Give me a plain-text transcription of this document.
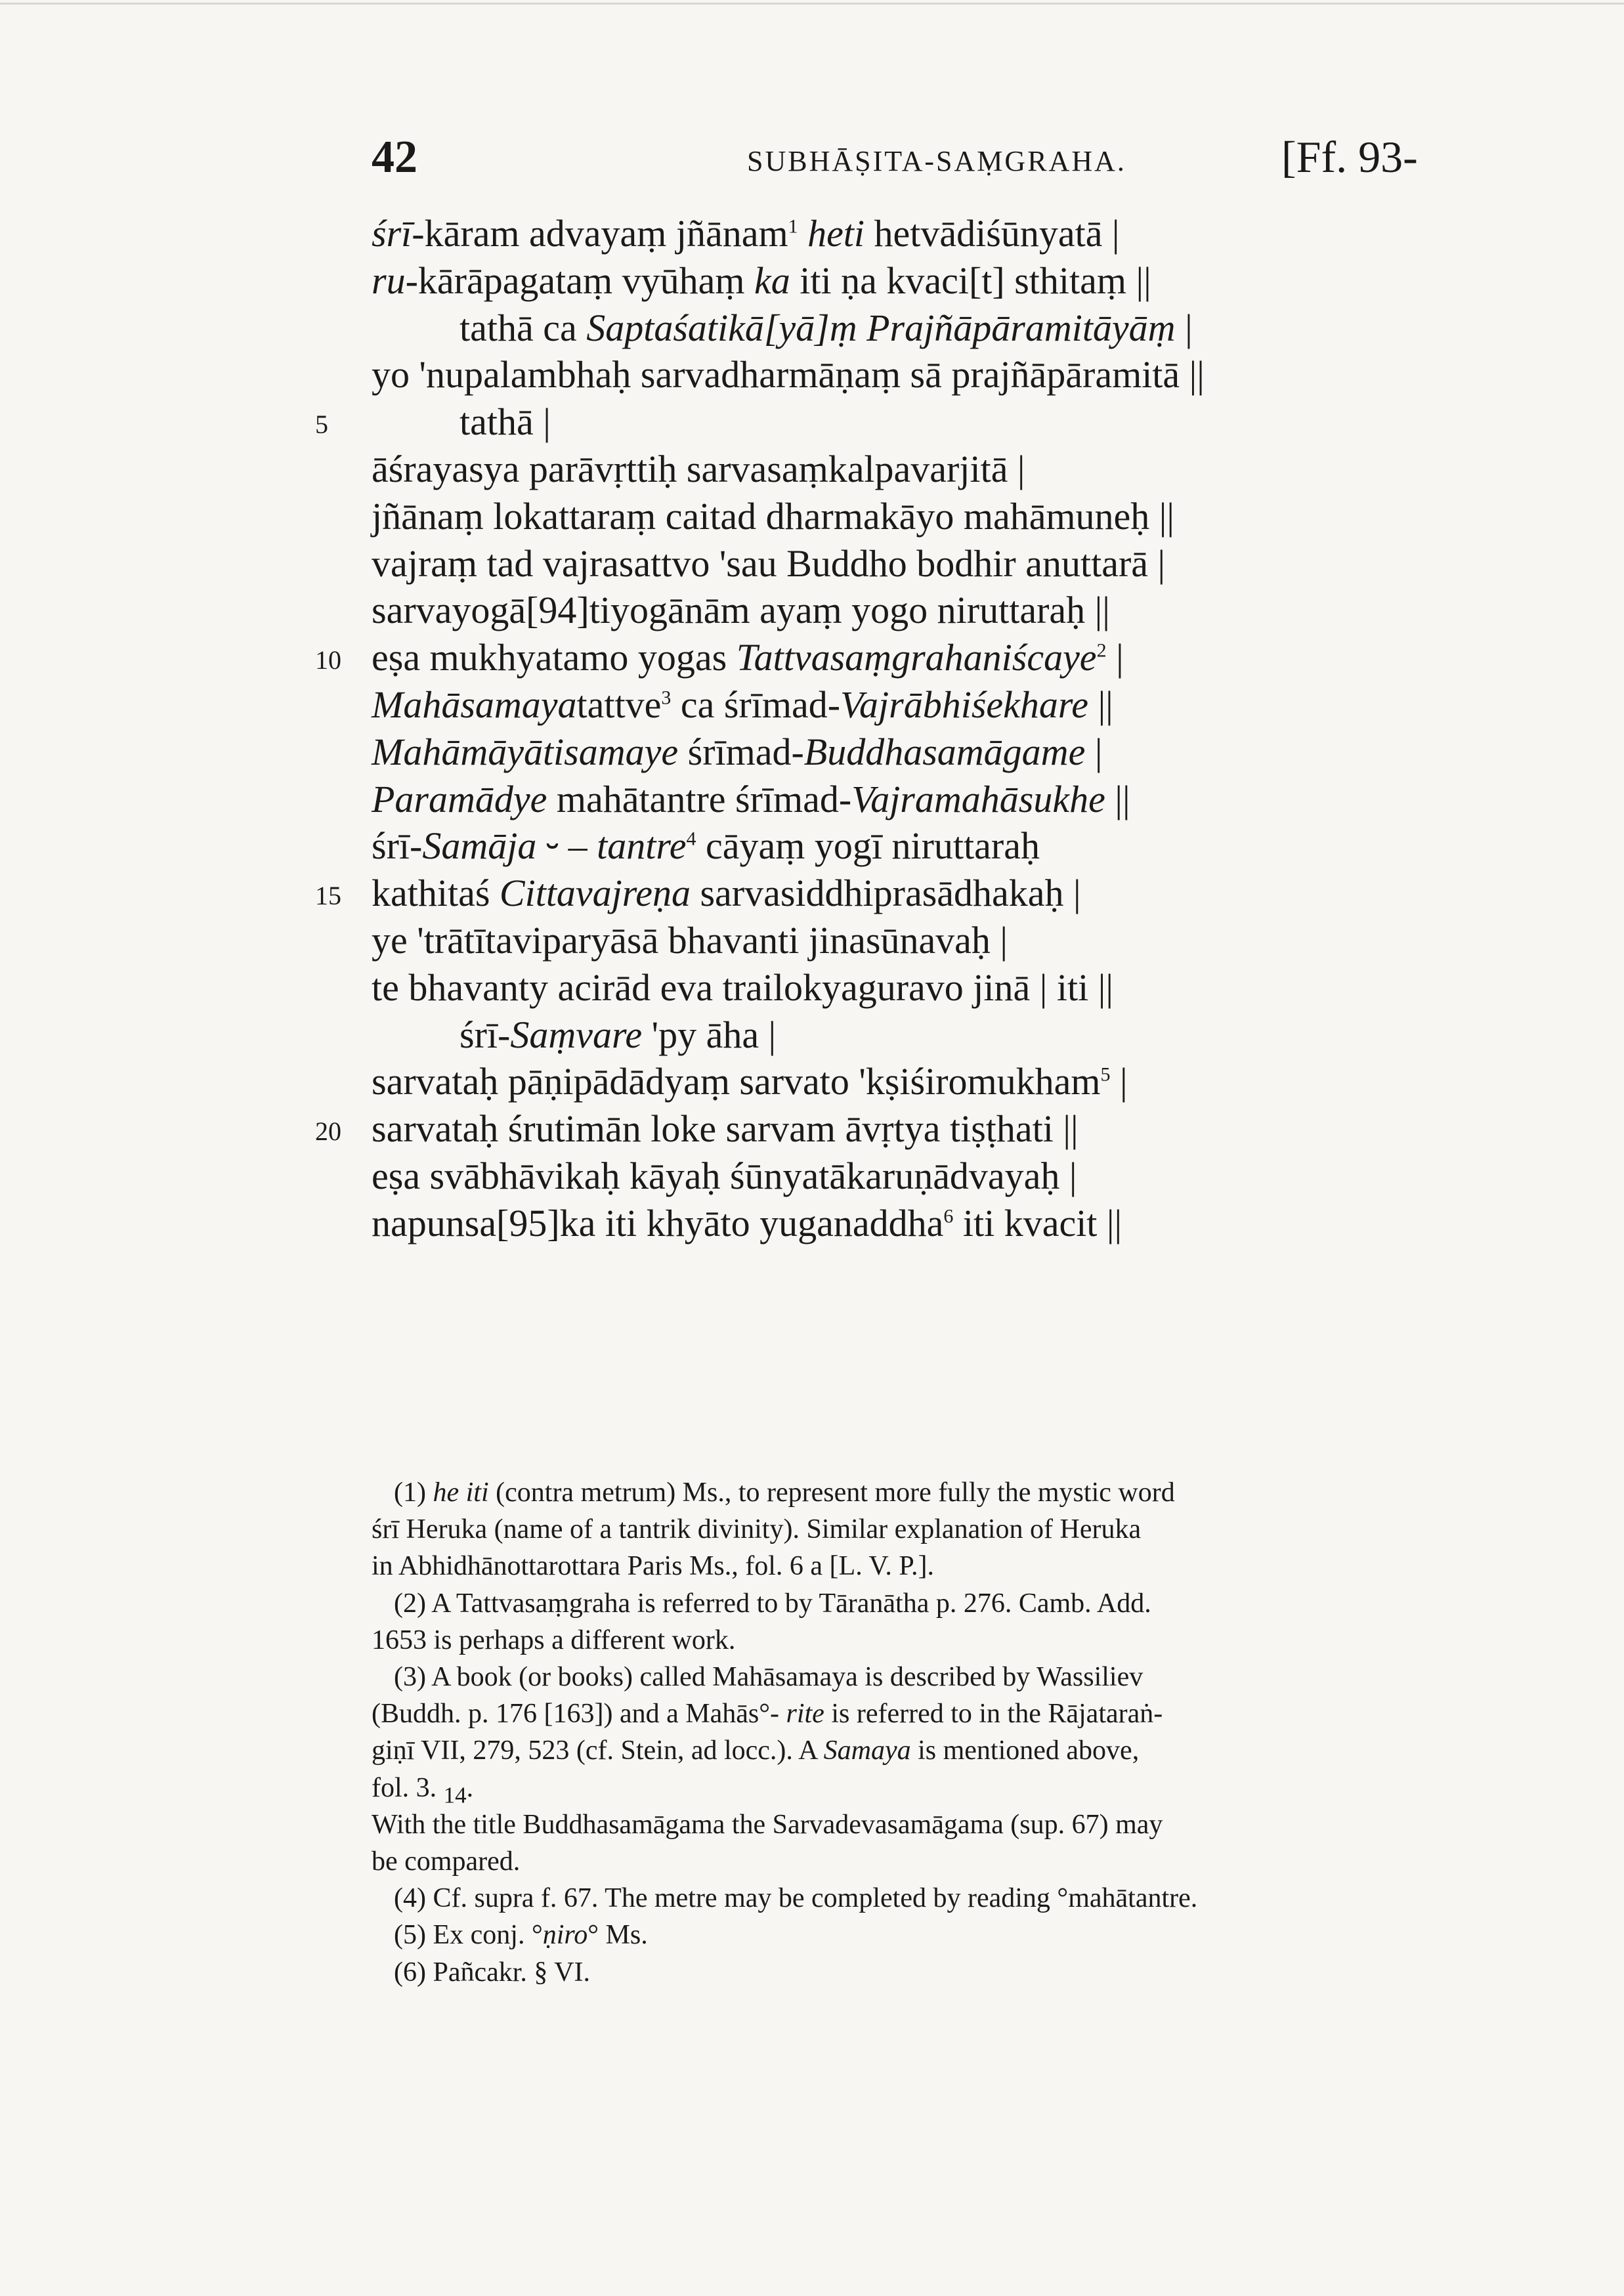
42	SUBHĀṢITA-SAṂGRAHA.	[Ff. 93-
śrī-kāram advayaṃ jñānam$^1$ heti hetvādiśūnyatā |
ru-kārāpagataṃ vyūhaṃ ka iti ṇa kvaci[t] sthitaṃ ||
tathā ca Saptaśatikā[yā]ṃ Prajñāpāramitāyāṃ |
yo 'nupalambhaḥ sarvadharmāṇaṃ sā prajñāpāramitā ||
tathā |
5
āśrayasya parāvṛttiḥ sarvasaṃkalpavarjitā |
jñānaṃ lokattaraṃ caitad dharmakāyo mahāmuneḥ ||
vajraṃ tad vajrasattvo 'sau Buddho bodhir anuttarā |
sarvayogā[94]tiyogānām ayaṃ yogo niruttaraḥ ||
eṣa mukhyatamo yogas Tattvasaṃgrahaniścaye$^2$ |
10
Mahāsamayatattve$^3$ ca śrīmad-Vajrābhiśekhare ||
Mahāmāyātisamaye śrīmad-Buddhasamāgame |
Paramādye mahātantre śrīmad-Vajramahāsukhe ||
śrī-Samāja ⏑ – tantre$^4$ cāyaṃ yogī niruttaraḥ
kathitaś Cittavajreṇa sarvasiddhiprasādhakaḥ |
15
ye 'trātītaviparyāsā bhavanti jinasūnavaḥ |
te bhavanty acirād eva trailokyaguravo jinā | iti ||
śrī-Saṃvare 'py āha |
sarvataḥ pāṇipādādyaṃ sarvato 'kṣiśiromukham$^5$ |
sarvataḥ śrutimān loke sarvam āvṛtya tiṣṭhati ||
20
eṣa svābhāvikaḥ kāyaḥ śūnyatākaruṇādvayaḥ |
napunsa[95]ka iti khyāto yuganaddha$^6$ iti kvacit ||
(1) he iti (contra metrum) Ms., to represent more fully the mystic word
śrī Heruka (name of a tantrik divinity). Similar explanation of Heruka
in Abhidhānottarottara Paris Ms., fol. 6 a [L. V. P.].
(2) A Tattvasaṃgraha is referred to by Tāranātha p. 276. Camb. Add.
1653 is perhaps a different work.
(3) A book (or books) called Mahāsamaya is described by Wassiliev
(Buddh. p. 176 [163]) and a Mahās°- rite is referred to in the Rājataraṅ-
giṇī VII, 279, 523 (cf. Stein, ad locc.). A Samaya is mentioned above,
fol. 3. $_{14}$.
With the title Buddhasamāgama the Sarvadevasamāgama (sup. 67) may
be compared.
(4) Cf. supra f. 67. The metre may be completed by reading °mahātantre.
(5) Ex conj. °ṇiro° Ms.
(6) Pañcakr. § VI.
